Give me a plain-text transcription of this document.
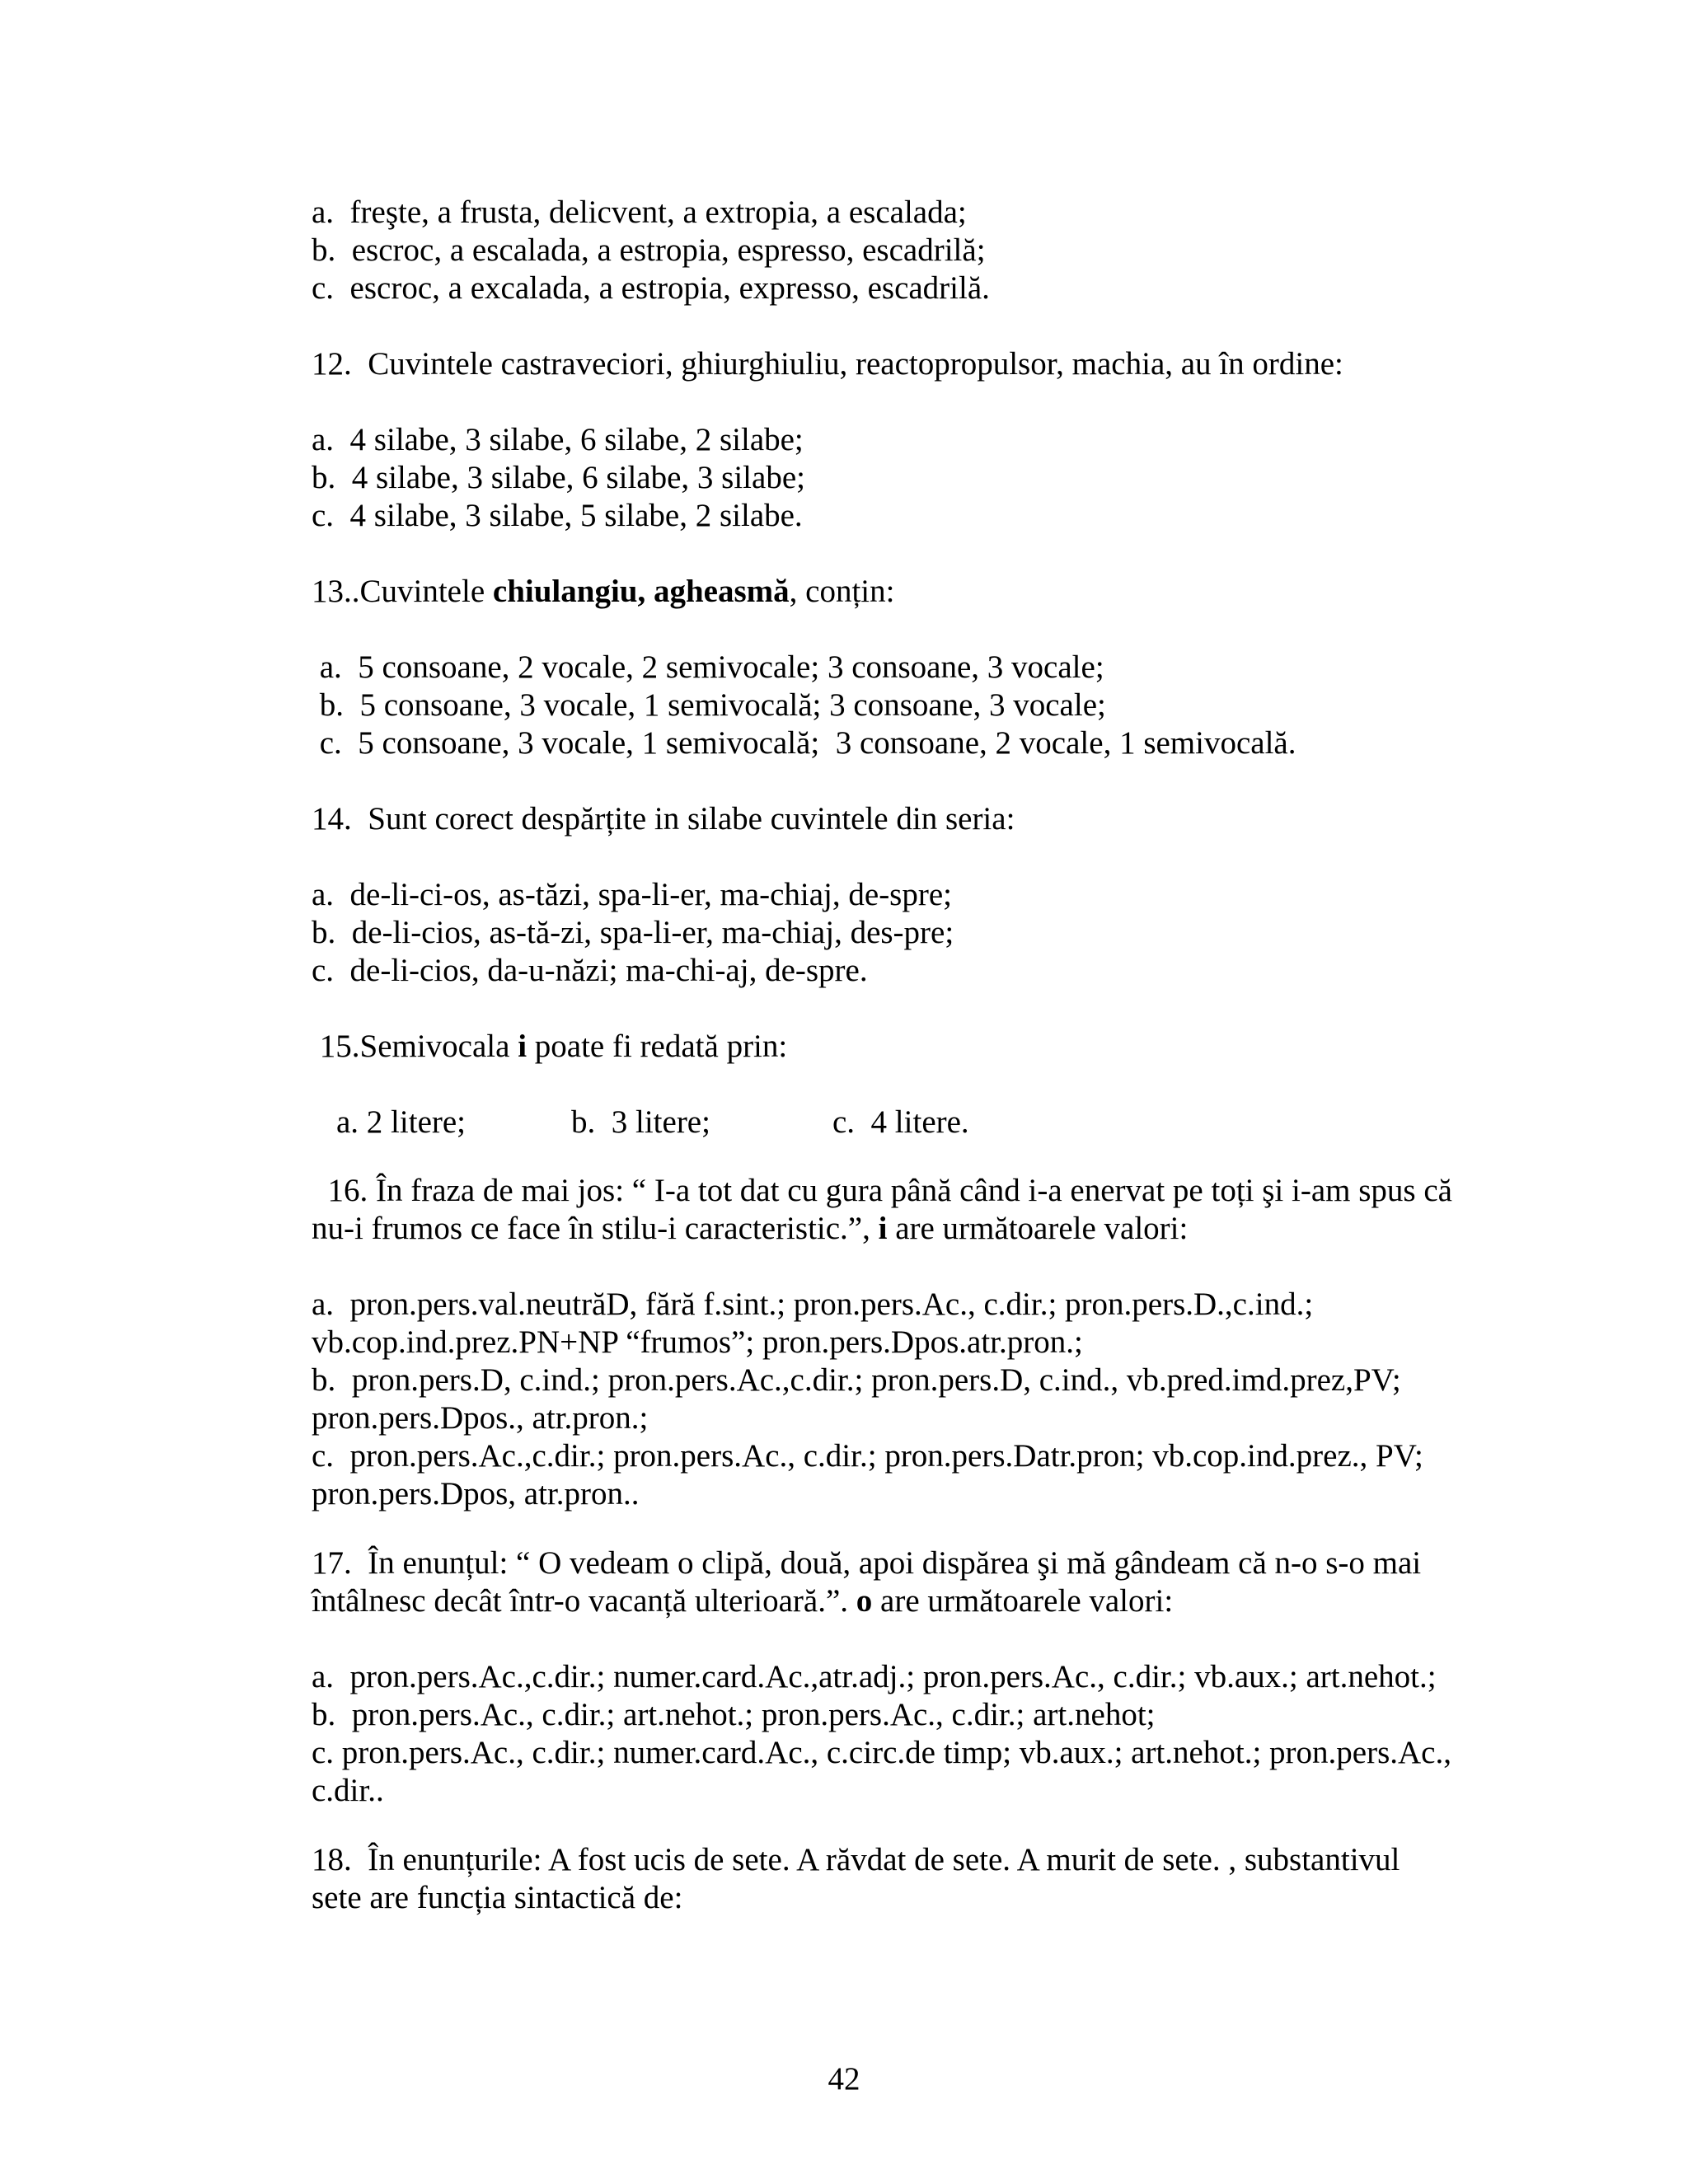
a.  freşte, a frusta, delicvent, a extropia, a escalada;

b.  escroc, a escalada, a estropia, espresso, escadrilă;

c.  escroc, a excalada, a estropia, expresso, escadrilă.

12.  Cuvintele castraveciori, ghiurghiuliu, reactopropulsor, machia, au în ordine:

a.  4 silabe, 3 silabe, 6 silabe, 2 silabe;

b.  4 silabe, 3 silabe, 6 silabe, 3 silabe;

c.  4 silabe, 3 silabe, 5 silabe, 2 silabe.

13..Cuvintele chiulangiu, agheasmă, conțin:

a.  5 consoane, 2 vocale, 2 semivocale; 3 consoane, 3 vocale;

b.  5 consoane, 3 vocale, 1 semivocală; 3 consoane, 3 vocale;

c.  5 consoane, 3 vocale, 1 semivocală;  3 consoane, 2 vocale, 1 semivocală.

14.  Sunt corect despărțite in silabe cuvintele din seria:

a.  de-li-ci-os, as-tăzi, spa-li-er, ma-chiaj, de-spre;

b.  de-li-cios, as-tă-zi, spa-li-er, ma-chiaj, des-pre;

c.  de-li-cios, da-u-năzi; ma-chi-aj, de-spre.

15.Semivocala i poate fi redată prin:

a. 2 litere;	b.  3 litere;	c.  4 litere.

16. În fraza de mai jos: “ I-a tot dat cu gura până când i-a enervat pe toți şi i-am spus că

nu-i frumos ce face în stilu-i caracteristic.”, i are următoarele valori:

a.  pron.pers.val.neutrăD, fără f.sint.; pron.pers.Ac., c.dir.; pron.pers.D.,c.ind.;

vb.cop.ind.prez.PN+NP “frumos”; pron.pers.Dpos.atr.pron.;

b.  pron.pers.D, c.ind.; pron.pers.Ac.,c.dir.; pron.pers.D, c.ind., vb.pred.imd.prez,PV;

pron.pers.Dpos., atr.pron.;

c.  pron.pers.Ac.,c.dir.; pron.pers.Ac., c.dir.; pron.pers.Datr.pron; vb.cop.ind.prez., PV;

pron.pers.Dpos, atr.pron..

17.  În enunțul: “ O vedeam o clipă, două, apoi dispărea şi mă gândeam că n-o s-o mai

întâlnesc decât într-o vacanță ulterioară.”. o are următoarele valori:

a.  pron.pers.Ac.,c.dir.; numer.card.Ac.,atr.adj.; pron.pers.Ac., c.dir.; vb.aux.; art.nehot.;

b.  pron.pers.Ac., c.dir.; art.nehot.; pron.pers.Ac., c.dir.; art.nehot;

c. pron.pers.Ac., c.dir.; numer.card.Ac., c.circ.de timp; vb.aux.; art.nehot.; pron.pers.Ac.,

c.dir..

18.  În enunțurile: A fost ucis de sete. A răvdat de sete. A murit de sete. , substantivul

sete are funcția sintactică de:

42
